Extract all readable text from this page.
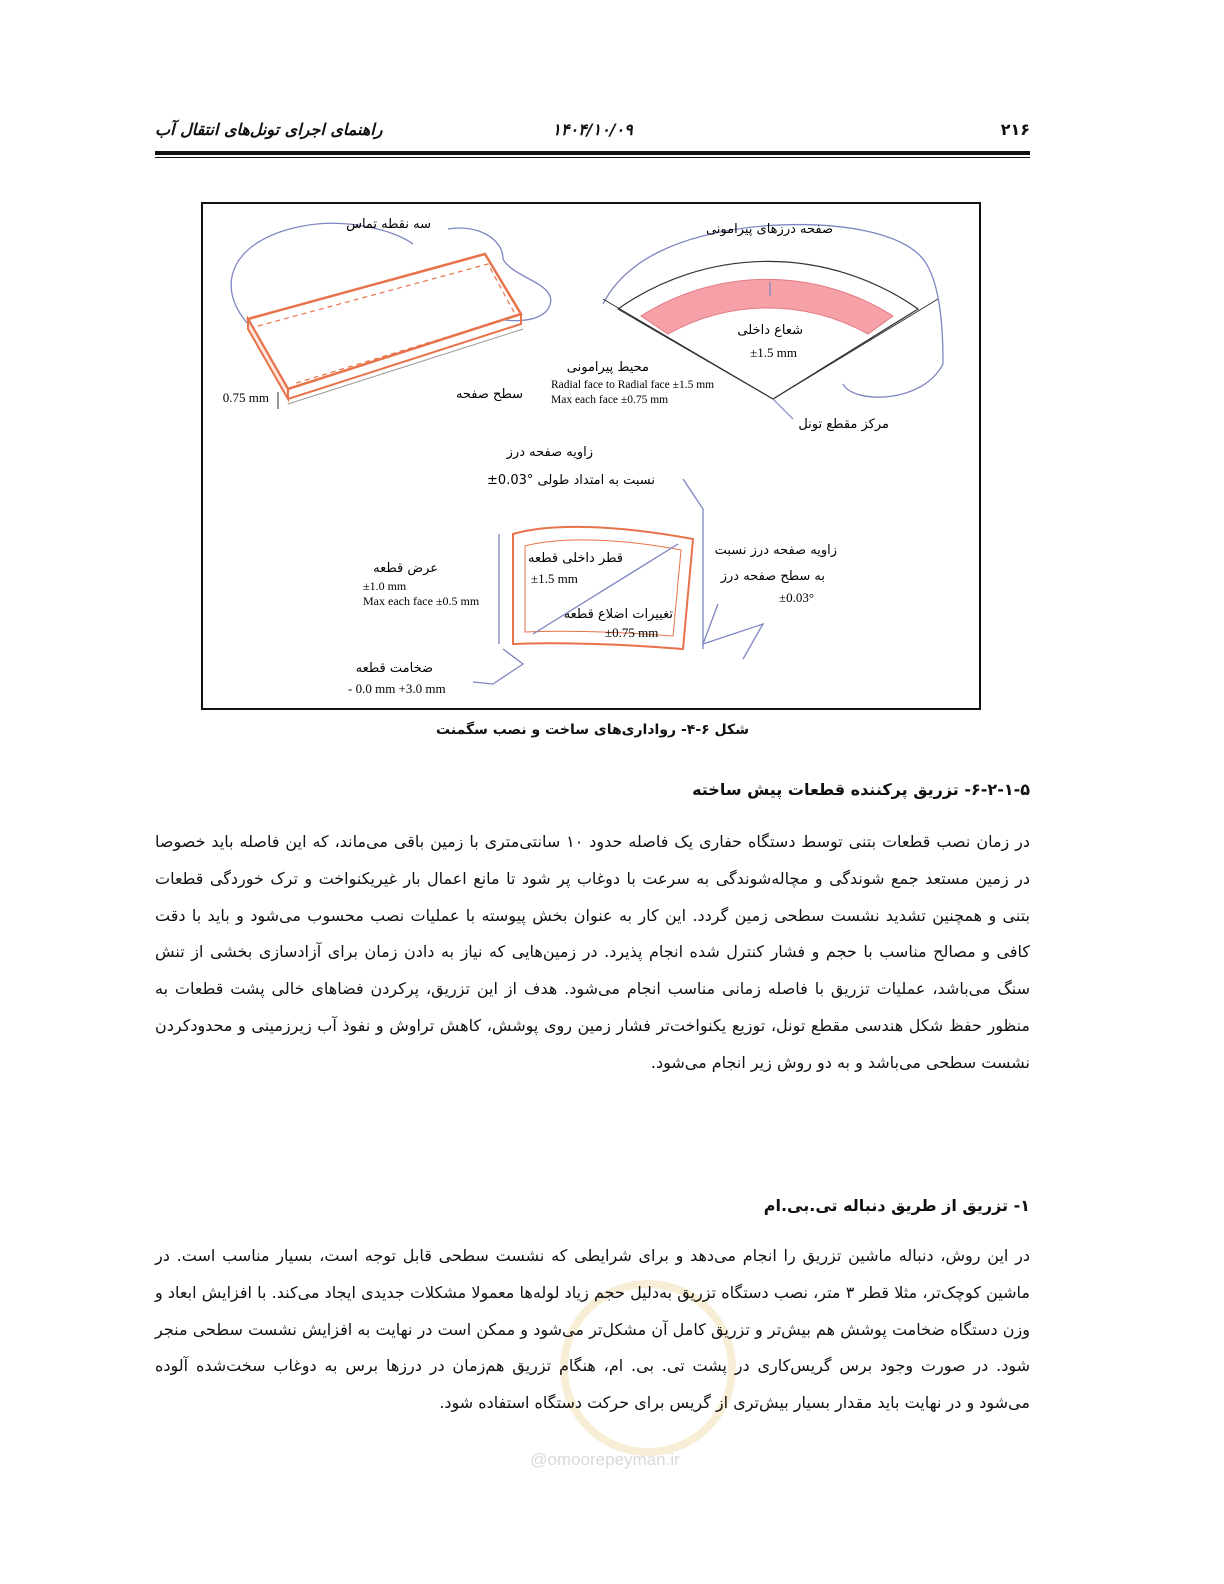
۲۱۶
۱۴۰۴/۱۰/۰۹
راهنمای اجرای تونل‌های انتقال آب
سه نقطه تماس
سطح صفحه
0.75 mm
صفحه درزهای پیرامونی
شعاع داخلی
±1.5 mm
محیط پیرامونی
Radial face to Radial face ±1.5 mm
Max each face ±0.75 mm
مرکز مقطع تونل
زاویه صفحه درز
±0.03° نسبت به امتداد طولی
عرض قطعه
±1.0 mm
Max each face ±0.5 mm
قطر داخلی قطعه
±1.5 mm
تغییرات اضلاع قطعه
±0.75 mm
زاویه صفحه درز نسبت
به سطح صفحه درز
±0.03°
ضخامت قطعه
- 0.0 mm +3.0 mm
شکل ۶-۴- رواداری‌های ساخت و نصب سگمنت
۶-۲-۱-۵- تزریق پرکننده قطعات پیش ساخته
در زمان نصب قطعات بتنی توسط دستگاه حفاری یک فاصله حدود ۱۰ سانتی‌متری با زمین باقی می‌ماند، که این فاصله باید خصوصا در زمین مستعد جمع شوندگی و مچاله‌شوندگی به سرعت با دوغاب پر شود تا مانع اعمال بار غیریکنواخت و ترک خوردگی قطعات بتنی و همچنین تشدید نشست سطحی زمین گردد. این کار به عنوان بخش پیوسته با عملیات نصب محسوب می‌شود و باید با دقت کافی و مصالح مناسب با حجم و فشار کنترل شده انجام پذیرد. در زمین‌هایی که نیاز به دادن زمان برای آزادسازی بخشی از تنش سنگ می‌باشد، عملیات تزریق با فاصله زمانی مناسب انجام می‌شود. هدف از این تزریق، پرکردن فضاهای خالی پشت قطعات به منظور حفظ شکل هندسی مقطع تونل، توزیع یکنواخت‌تر فشار زمین روی پوشش، کاهش تراوش و نفوذ آب زیرزمینی و محدودکردن نشست سطحی می‌باشد و به دو روش زیر انجام می‌شود.
۱- تزریق از طریق دنباله تی.بی.ام
در این روش، دنباله ماشین تزریق را انجام می‌دهد و برای شرایطی که نشست سطحی قابل توجه است، بسیار مناسب است. در ماشین کوچک‌تر، مثلا قطر ۳ متر، نصب دستگاه تزریق به‌دلیل حجم زیاد لوله‌ها معمولا مشکلات جدیدی ایجاد می‌کند. با افزایش ابعاد و وزن دستگاه ضخامت پوشش هم بیش‌تر و تزریق کامل آن مشکل‌تر می‌شود و ممکن است در نهایت به افزایش نشست سطحی منجر شود. در صورت وجود برس گریس‌کاری در پشت تی. بی. ام، هنگام تزریق هم‌زمان در درزها برس به دوغاب سخت‌شده آلوده می‌شود و در نهایت باید مقدار بسیار بیش‌تری از گریس برای حرکت دستگاه استفاده شود.
@omoorepeyman.ir
